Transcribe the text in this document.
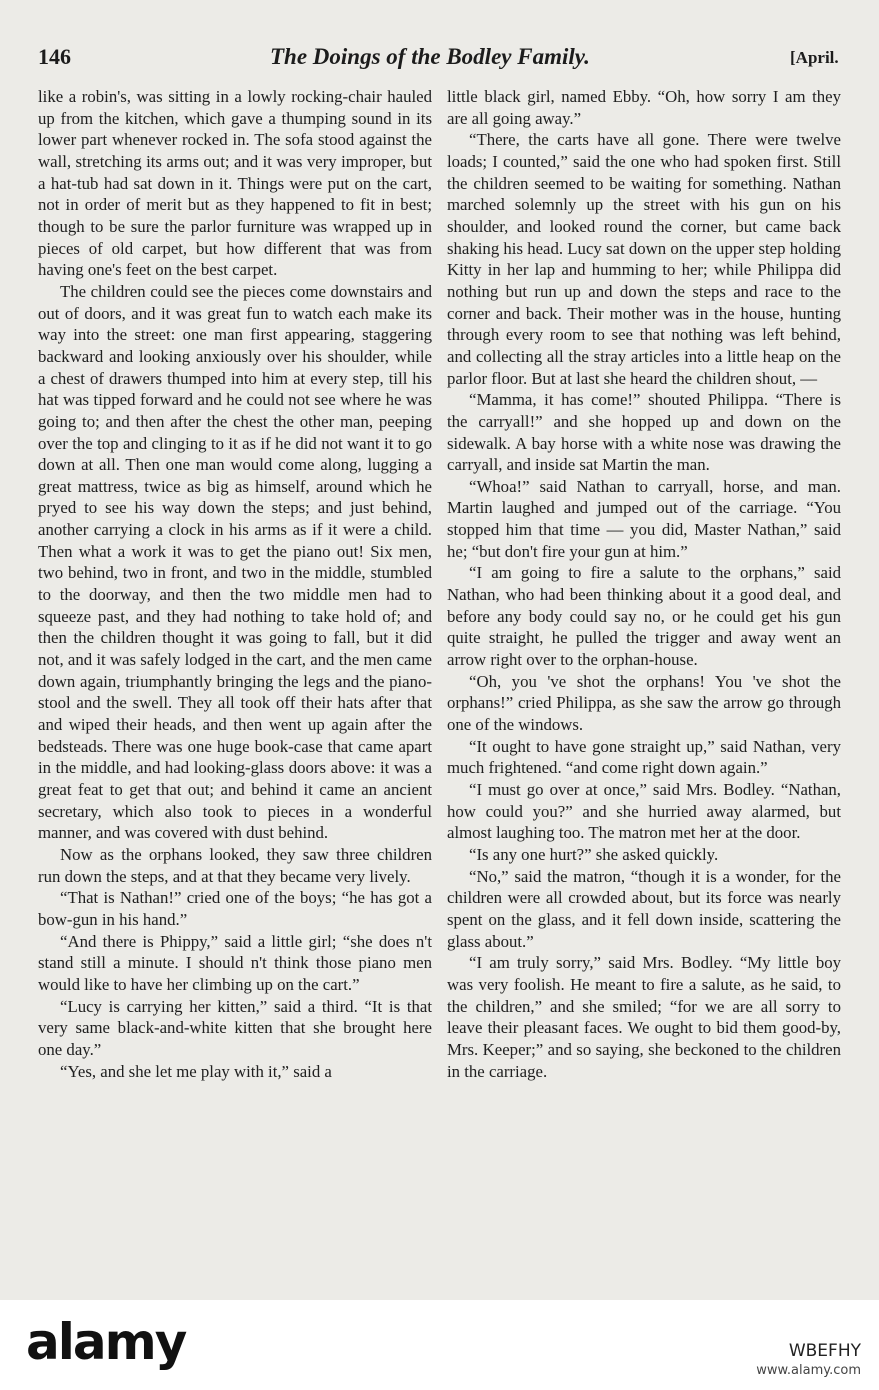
146	The Doings of the Bodley Family.	[April.

like a robin's, was sitting in a lowly rocking-chair hauled up from the kitchen, which gave a thumping sound in its lower part whenever rocked in. The sofa stood against the wall, stretching its arms out; and it was very improper, but a hat-tub had sat down in it. Things were put on the cart, not in order of merit but as they happened to fit in best; though to be sure the parlor furniture was wrapped up in pieces of old carpet, but how different that was from having one's feet on the best carpet.

The children could see the pieces come downstairs and out of doors, and it was great fun to watch each make its way into the street: one man first appearing, staggering backward and looking anxiously over his shoulder, while a chest of drawers thumped into him at every step, till his hat was tipped forward and he could not see where he was going to; and then after the chest the other man, peeping over the top and clinging to it as if he did not want it to go down at all. Then one man would come along, lugging a great mattress, twice as big as himself, around which he pryed to see his way down the steps; and just behind, another carrying a clock in his arms as if it were a child. Then what a work it was to get the piano out! Six men, two behind, two in front, and two in the middle, stumbled to the doorway, and then the two middle men had to squeeze past, and they had nothing to take hold of; and then the children thought it was going to fall, but it did not, and it was safely lodged in the cart, and the men came down again, triumphantly bringing the legs and the piano-stool and the swell. They all took off their hats after that and wiped their heads, and then went up again after the bedsteads. There was one huge book-case that came apart in the middle, and had looking-glass doors above: it was a great feat to get that out; and behind it came an ancient secretary, which also took to pieces in a wonderful manner, and was covered with dust behind.

Now as the orphans looked, they saw three children run down the steps, and at that they became very lively.

“That is Nathan!” cried one of the boys; “he has got a bow-gun in his hand.”

“And there is Phippy,” said a little girl; “she does n't stand still a minute. I should n't think those piano men would like to have her climbing up on the cart.”

“Lucy is carrying her kitten,” said a third. “It is that very same black-and-white kitten that she brought here one day.”

“Yes, and she let me play with it,” said a

little black girl, named Ebby. “Oh, how sorry I am they are all going away.”

“There, the carts have all gone. There were twelve loads; I counted,” said the one who had spoken first. Still the children seemed to be waiting for something. Nathan marched solemnly up the street with his gun on his shoulder, and looked round the corner, but came back shaking his head. Lucy sat down on the upper step holding Kitty in her lap and humming to her; while Philippa did nothing but run up and down the steps and race to the corner and back. Their mother was in the house, hunting through every room to see that nothing was left behind, and collecting all the stray articles into a little heap on the parlor floor. But at last she heard the children shout, —

“Mamma, it has come!” shouted Philippa. “There is the carryall!” and she hopped up and down on the sidewalk. A bay horse with a white nose was drawing the carryall, and inside sat Martin the man.

“Whoa!” said Nathan to carryall, horse, and man. Martin laughed and jumped out of the carriage. “You stopped him that time — you did, Master Nathan,” said he; “but don't fire your gun at him.”

“I am going to fire a salute to the orphans,” said Nathan, who had been thinking about it a good deal, and before any body could say no, or he could get his gun quite straight, he pulled the trigger and away went an arrow right over to the orphan-house.

“Oh, you 've shot the orphans! You 've shot the orphans!” cried Philippa, as she saw the arrow go through one of the windows.

“It ought to have gone straight up,” said Nathan, very much frightened. “and come right down again.”

“I must go over at once,” said Mrs. Bodley. “Nathan, how could you?” and she hurried away alarmed, but almost laughing too. The matron met her at the door.

“Is any one hurt?” she asked quickly.

“No,” said the matron, “though it is a wonder, for the children were all crowded about, but its force was nearly spent on the glass, and it fell down inside, scattering the glass about.”

“I am truly sorry,” said Mrs. Bodley. “My little boy was very foolish. He meant to fire a salute, as he said, to the children,” and she smiled; “for we are all sorry to leave their pleasant faces. We ought to bid them good-by, Mrs. Keeper;” and so saying, she beckoned to the children in the carriage.

alamy	WBEFHY
www.alamy.com
